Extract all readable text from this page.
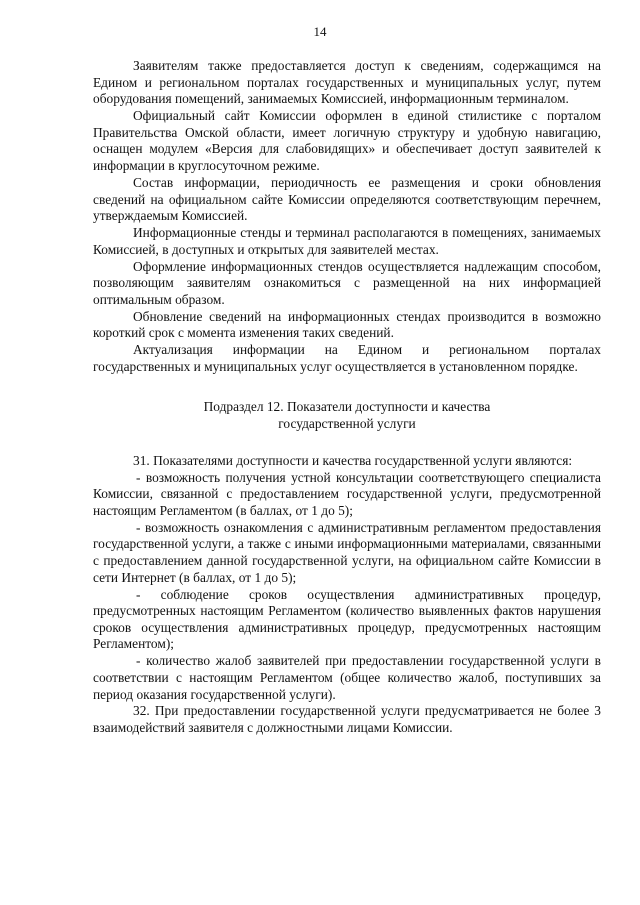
14

Заявителям также предоставляется доступ к сведениям, содержащимся на Едином и региональном порталах государственных и муниципальных услуг, путем оборудования помещений, занимаемых Комиссией, информационным терминалом.

Официальный сайт Комиссии оформлен в единой стилистике с порталом Правительства Омской области, имеет логичную структуру и удобную навигацию, оснащен модулем «Версия для слабовидящих» и обеспечивает доступ заявителей к информации в круглосуточном режиме.

Состав информации, периодичность ее размещения и сроки обновления сведений на официальном сайте Комиссии определяются соответствующим перечнем, утверждаемым Комиссией.

Информационные стенды и терминал располагаются в помещениях, занимаемых Комиссией, в доступных и открытых для заявителей местах.

Оформление информационных стендов осуществляется надлежащим способом, позволяющим заявителям ознакомиться с размещенной на них информацией оптимальным образом.

Обновление сведений на информационных стендах производится в возможно короткий срок с момента изменения таких сведений.

Актуализация информации на Едином и региональном порталах государственных и муниципальных услуг осуществляется в установленном порядке.

Подраздел 12. Показатели доступности и качества
государственной услуги

31. Показателями доступности и качества государственной услуги являются:

- возможность получения устной консультации соответствующего специалиста Комиссии, связанной с предоставлением государственной услуги, предусмотренной настоящим Регламентом (в баллах, от 1 до 5);

- возможность ознакомления с административным регламентом предоставления государственной услуги, а также с иными информационными материалами, связанными с предоставлением данной государственной услуги, на официальном сайте Комиссии в сети Интернет (в баллах, от 1 до 5);

- соблюдение сроков осуществления административных процедур, предусмотренных настоящим Регламентом (количество выявленных фактов нарушения сроков осуществления административных процедур, предусмотренных настоящим Регламентом);

- количество жалоб заявителей при предоставлении государственной услуги в соответствии с настоящим Регламентом (общее количество жалоб, поступивших за период оказания государственной услуги).

32. При предоставлении государственной услуги предусматривается не более 3 взаимодействий заявителя с должностными лицами Комиссии.
